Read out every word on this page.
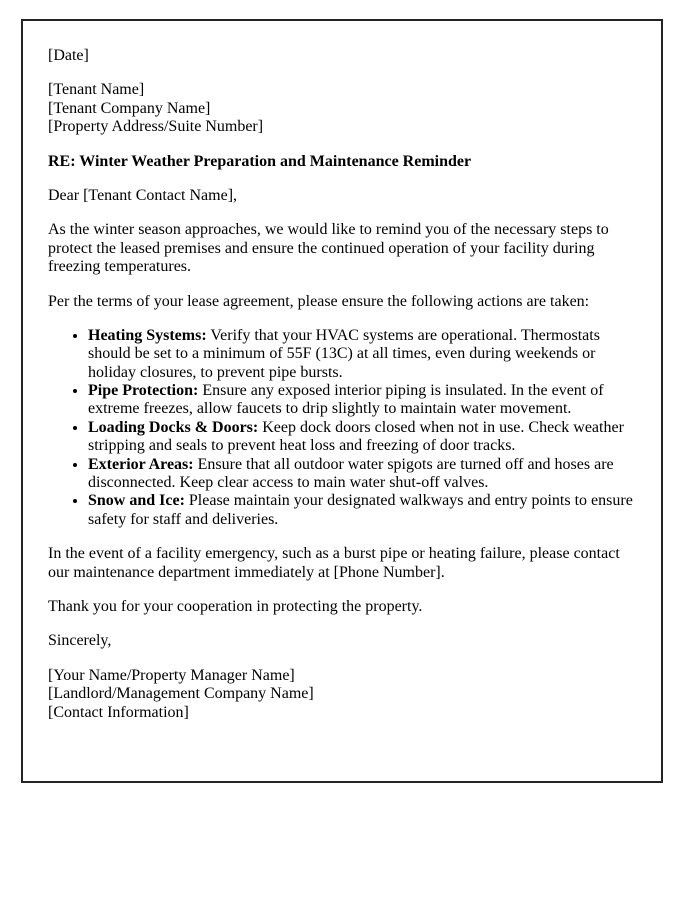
[Date]

[Tenant Name]
[Tenant Company Name]
[Property Address/Suite Number]

RE: Winter Weather Preparation and Maintenance Reminder

Dear [Tenant Contact Name],

As the winter season approaches, we would like to remind you of the necessary steps to protect the leased premises and ensure the continued operation of your facility during freezing temperatures.

Per the terms of your lease agreement, please ensure the following actions are taken:

• Heating Systems: Verify that your HVAC systems are operational. Thermostats should be set to a minimum of 55F (13C) at all times, even during weekends or holiday closures, to prevent pipe bursts.
• Pipe Protection: Ensure any exposed interior piping is insulated. In the event of extreme freezes, allow faucets to drip slightly to maintain water movement.
• Loading Docks & Doors: Keep dock doors closed when not in use. Check weather stripping and seals to prevent heat loss and freezing of door tracks.
• Exterior Areas: Ensure that all outdoor water spigots are turned off and hoses are disconnected. Keep clear access to main water shut-off valves.
• Snow and Ice: Please maintain your designated walkways and entry points to ensure safety for staff and deliveries.

In the event of a facility emergency, such as a burst pipe or heating failure, please contact our maintenance department immediately at [Phone Number].

Thank you for your cooperation in protecting the property.

Sincerely,

[Your Name/Property Manager Name]
[Landlord/Management Company Name]
[Contact Information]
